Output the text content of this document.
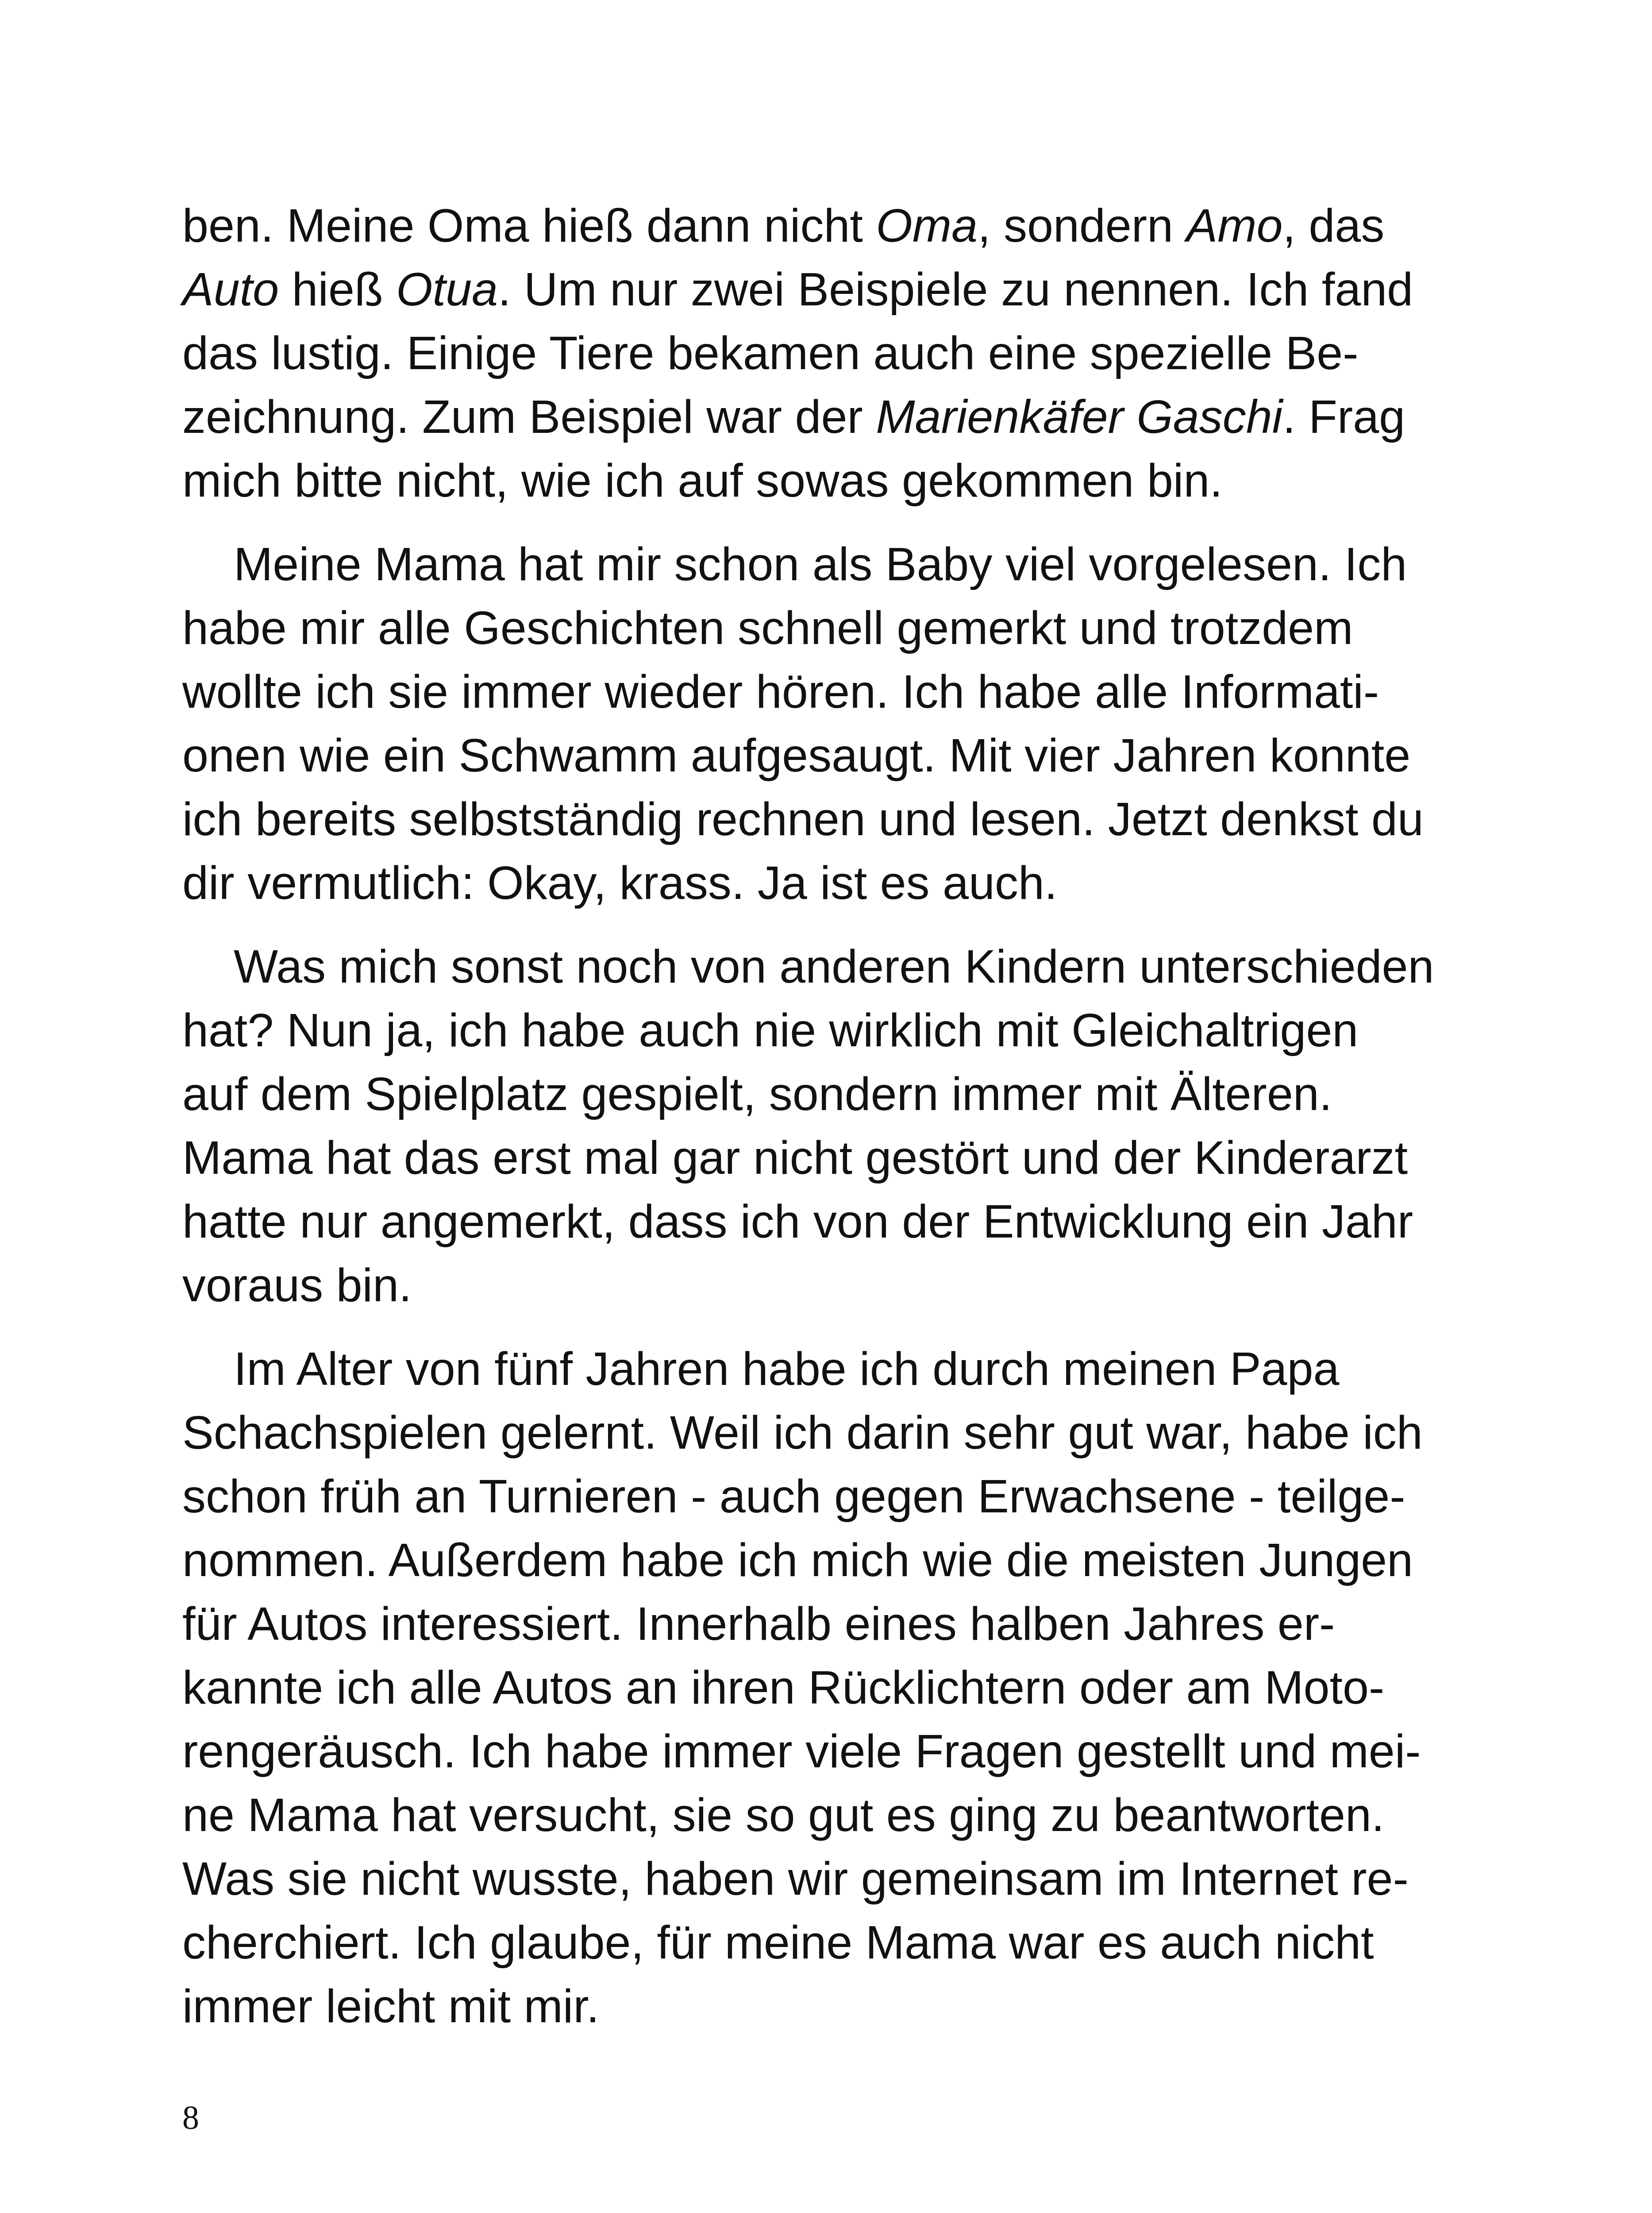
ben. Meine Oma hieß dann nicht Oma, sondern Amo, das
Auto hieß Otua. Um nur zwei Beispiele zu nennen. Ich fand
das lustig. Einige Tiere bekamen auch eine spezielle Be-
zeichnung. Zum Beispiel war der Marienkäfer Gaschi. Frag
mich bitte nicht, wie ich auf sowas gekommen bin.
Meine Mama hat mir schon als Baby viel vorgelesen. Ich
habe mir alle Geschichten schnell gemerkt und trotzdem
wollte ich sie immer wieder hören. Ich habe alle Informati-
onen wie ein Schwamm aufgesaugt. Mit vier Jahren konnte
ich bereits selbstständig rechnen und lesen. Jetzt denkst du
dir vermutlich: Okay, krass. Ja ist es auch.
Was mich sonst noch von anderen Kindern unterschieden
hat? Nun ja, ich habe auch nie wirklich mit Gleichaltrigen
auf dem Spielplatz gespielt, sondern immer mit Älteren.
Mama hat das erst mal gar nicht gestört und der Kinderarzt
hatte nur angemerkt, dass ich von der Entwicklung ein Jahr
voraus bin.
Im Alter von fünf Jahren habe ich durch meinen Papa
Schachspielen gelernt. Weil ich darin sehr gut war, habe ich
schon früh an Turnieren - auch gegen Erwachsene - teilge-
nommen. Außerdem habe ich mich wie die meisten Jungen
für Autos interessiert. Innerhalb eines halben Jahres er-
kannte ich alle Autos an ihren Rücklichtern oder am Moto-
rengeräusch. Ich habe immer viele Fragen gestellt und mei-
ne Mama hat versucht, sie so gut es ging zu beantworten.
Was sie nicht wusste, haben wir gemeinsam im Internet re-
cherchiert. Ich glaube, für meine Mama war es auch nicht
immer leicht mit mir.
8
